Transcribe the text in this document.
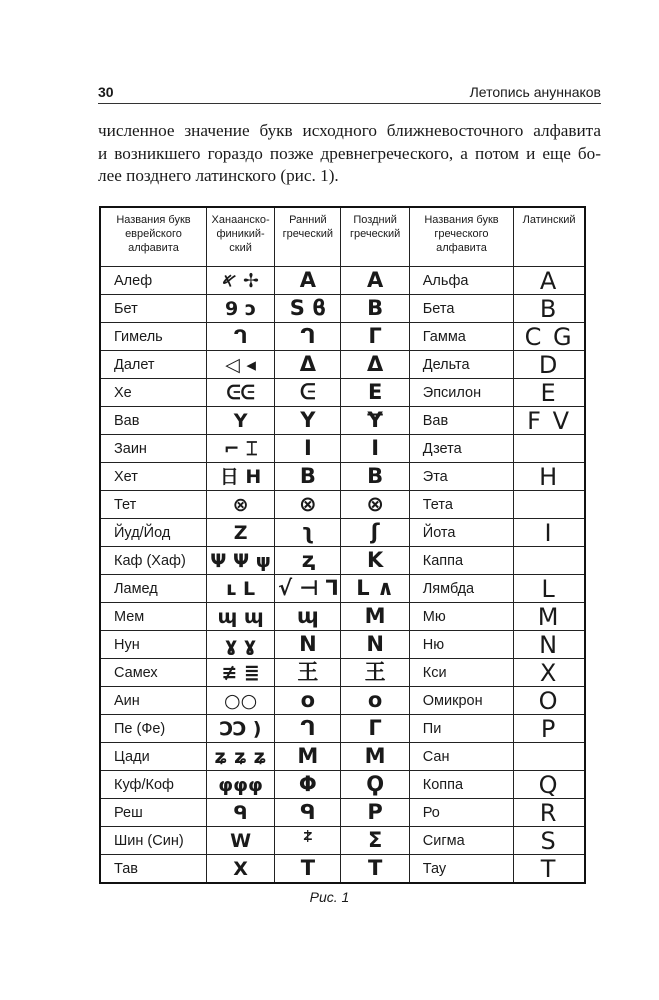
30	Летопись ануннаков
численное значение букв исходного ближневосточного алфавита
и возникшего гораздо позже древнегреческого, а потом и еще бо-
лее позднего латинского (рис. 1).
Названия букв еврейского алфавита	Ханаанско-финикий-ский	Ранний греческий	Поздний греческий	Названия букв греческого алфавита	Латинский
Алеф	𐤀 ✢	A	A	Альфа	A
Бет	9 ↄ	S ϐ	B	Бета	B
Гимель	ᒉ	ᒉ	Γ	Гамма	C G
Далет	◁ ◂	Δ	Δ	Дельта	D
Хе	ᕮᕮ	ᕮ	E	Эпсилон	E
Вав	Y	Y	Ɏ	Вав	F V
Заин	⌐ ⌶	I	I	Дзета	
Хет	日 H	B	B	Эта	H
Тет	⊗	⊗	⊗	Тета	
Йуд/Йод	Z	ʅ	ʃ	Йота	I
Каф (Хаф)	Ψ Ψ ψ	ⱬ	K	Каппа	
Ламед	ʟ L	√ ⊣ ⅂	L ∧	Лямбда	L
Мем	ɰ ɰ	ɰ	M	Мю	M
Нун	ɣ ɣ	N	N	Ню	N
Самех	≢ ≣	王	王	Кси	X
Аин	○○	o	o	Омикрон	O
Пе (Фе)	ϽϽ )	ᒉ	Γ	Пи	P
Цади	ʑ ʑ ʑ	M	M	Сан	
Куф/Коф	φφφ	Φ	Ϙ	Коппа	Q
Реш	ᑫ	ᑫ	P	Ро	R
Шин (Син)	W	ᙇ	Σ	Сигма	S
Тав	X	T	T	Тау	T
Рис. 1
